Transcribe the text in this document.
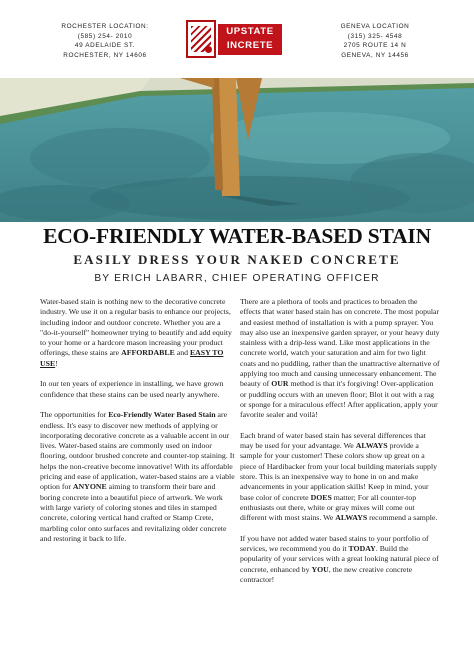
ROCHESTER LOCATION:
(585) 254- 2010
49 ADELAIDE ST.
ROCHESTER, NY 14606
UPSTATE
INCRETE
GENEVA LOCATION
(315) 325- 4548
2705 ROUTE 14 N
GENEVA, NY 14456
ECO-FRIENDLY WATER-BASED STAIN
EASILY DRESS YOUR NAKED CONCRETE
BY ERICH LABARR, CHIEF OPERATING OFFICER

Water-based stain is nothing new to the decorative concrete industry. We use it on a regular basis to enhance our projects, including indoor and outdoor concrete. Whether you are a "do-it-yourself" homeowner trying to beautify and add equity to your home or a hardcore mason increasing your product offerings, these stains are AFFORDABLE and EASY TO USE!

In our ten years of experience in installing, we have grown confidence that these stains can be used nearly anywhere.

The opportunities for Eco-Friendly Water Based Stain are endless. It's easy to discover new methods of applying or incorporating decorative concrete as a valuable accent in our lives. Water-based stains are commonly used on indoor flooring, outdoor brushed concrete and counter-top staining. It helps the non-creative become innovative! With its affordable pricing and ease of application, water-based stains are a viable option for ANYONE aiming to transform their bare and boring concrete into a beautiful piece of artwork. We work with large variety of coloring stones and tiles in stamped concrete, coloring vertical hand crafted or Stamp Crete, marbling color onto surfaces and revitalizing older concrete and restoring it back to life.

There are a plethora of tools and practices to broaden the effects that water based stain has on concrete. The most popular and easiest method of installation is with a pump sprayer. You may also use an inexpensive garden sprayer, or your heavy duty stainless with a drip-less wand. Like most applications in the concrete world, watch your saturation and aim for two light coats and no puddling, rather than the unattractive alternative of applying too much and causing unnecessary enhancement. The beauty of OUR method is that it's forgiving! Over-application or puddling occurs with an uneven floor; Blot it out with a rag or sponge for a miraculous effect! After application, apply your favorite sealer and voilà!

Each brand of water based stain has several differences that may be used for your advantage. We ALWAYS provide a sample for your customer! These colors show up great on a piece of Hardibacker from your local building materials supply store. This is an inexpensive way to hone in on and make advancements in your application skills! Keep in mind, your base color of concrete DOES matter; For all counter-top enthusiasts out there, white or gray mixes will come out different with most stains. We ALWAYS recommend a sample.

If you have not added water based stains to your portfolio of services, we recommend you do it TODAY. Build the popularity of your services with a great looking natural piece of concrete, enhanced by YOU, the new creative concrete contractor!
